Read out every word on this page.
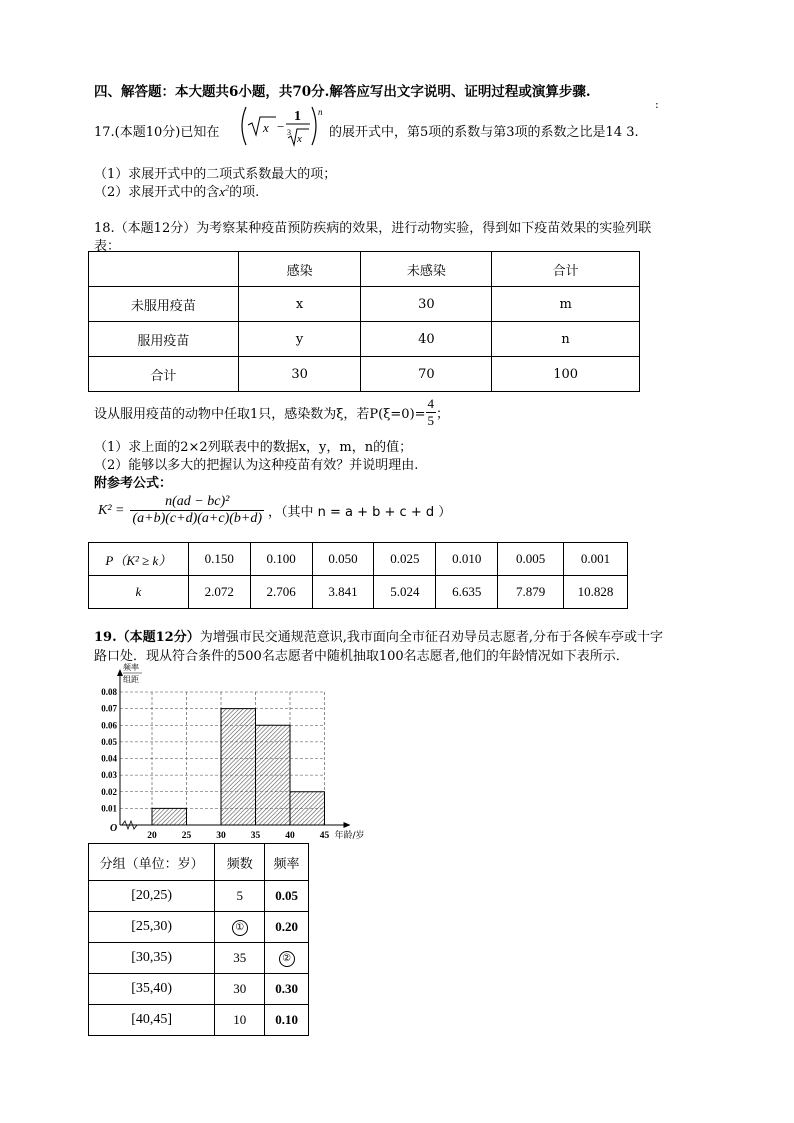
四、解答题：本大题共6小题，共70分.解答应写出文字说明、证明过程或演算步骤.
:
17.(本题10分)已知在	x −
1
3
x
n
的展开式中，第5项的系数与第3项的系数之比是14 3.
（1）求展开式中的二项式系数最大的项；
（2）求展开式中的含$x^2$的项.
18.（本题12分）为考察某种疫苗预防疾病的效果，进行动物实验，得到如下疫苗效果的实验列联
表：
	感染	未感染	合计
未服用疫苗	x	30	m
服用疫苗	y	40	n
合计	30	70	100
设从服用疫苗的动物中任取1只，感染数为ξ，若$P(\xi=0)= \frac{4}{5}$ ；
（1）求上面的2×2列联表中的数据x，y，m，n的值；
（2）能够以多大的把握认为这种疫苗有效？并说明理由.
附参考公式：
$K^2 = \frac{\text{n(ad − bc)²}}{(a+b)(c+d)(a+c)(b+d)}$ ，（其中 n = a + b + c + d ）
P（K² ≥ k）	0.150	0.100	0.050	0.025	0.010	0.005	0.001
k	2.072	2.706	3.841	5.024	6.635	7.879	10.828
19.（本题12分）为增强市民交通规范意识,我市面向全市征召劝导员志愿者,分布于各候车亭或十字
路口处．现从符合条件的500名志愿者中随机抽取100名志愿者,他们的年龄情况如下表所示．
0.01
0.02
0.03
0.04
0.05
0.06
0.07
0.08
20	25	30	35	40	45
O
频率
组距
年龄/岁
分组（单位：岁）	频数	频率
[20,25)	5	0.05
[25,30)	①	0.20
[30,35)	35	②
[35,40)	30	0.30
[40,45]	10	0.10
